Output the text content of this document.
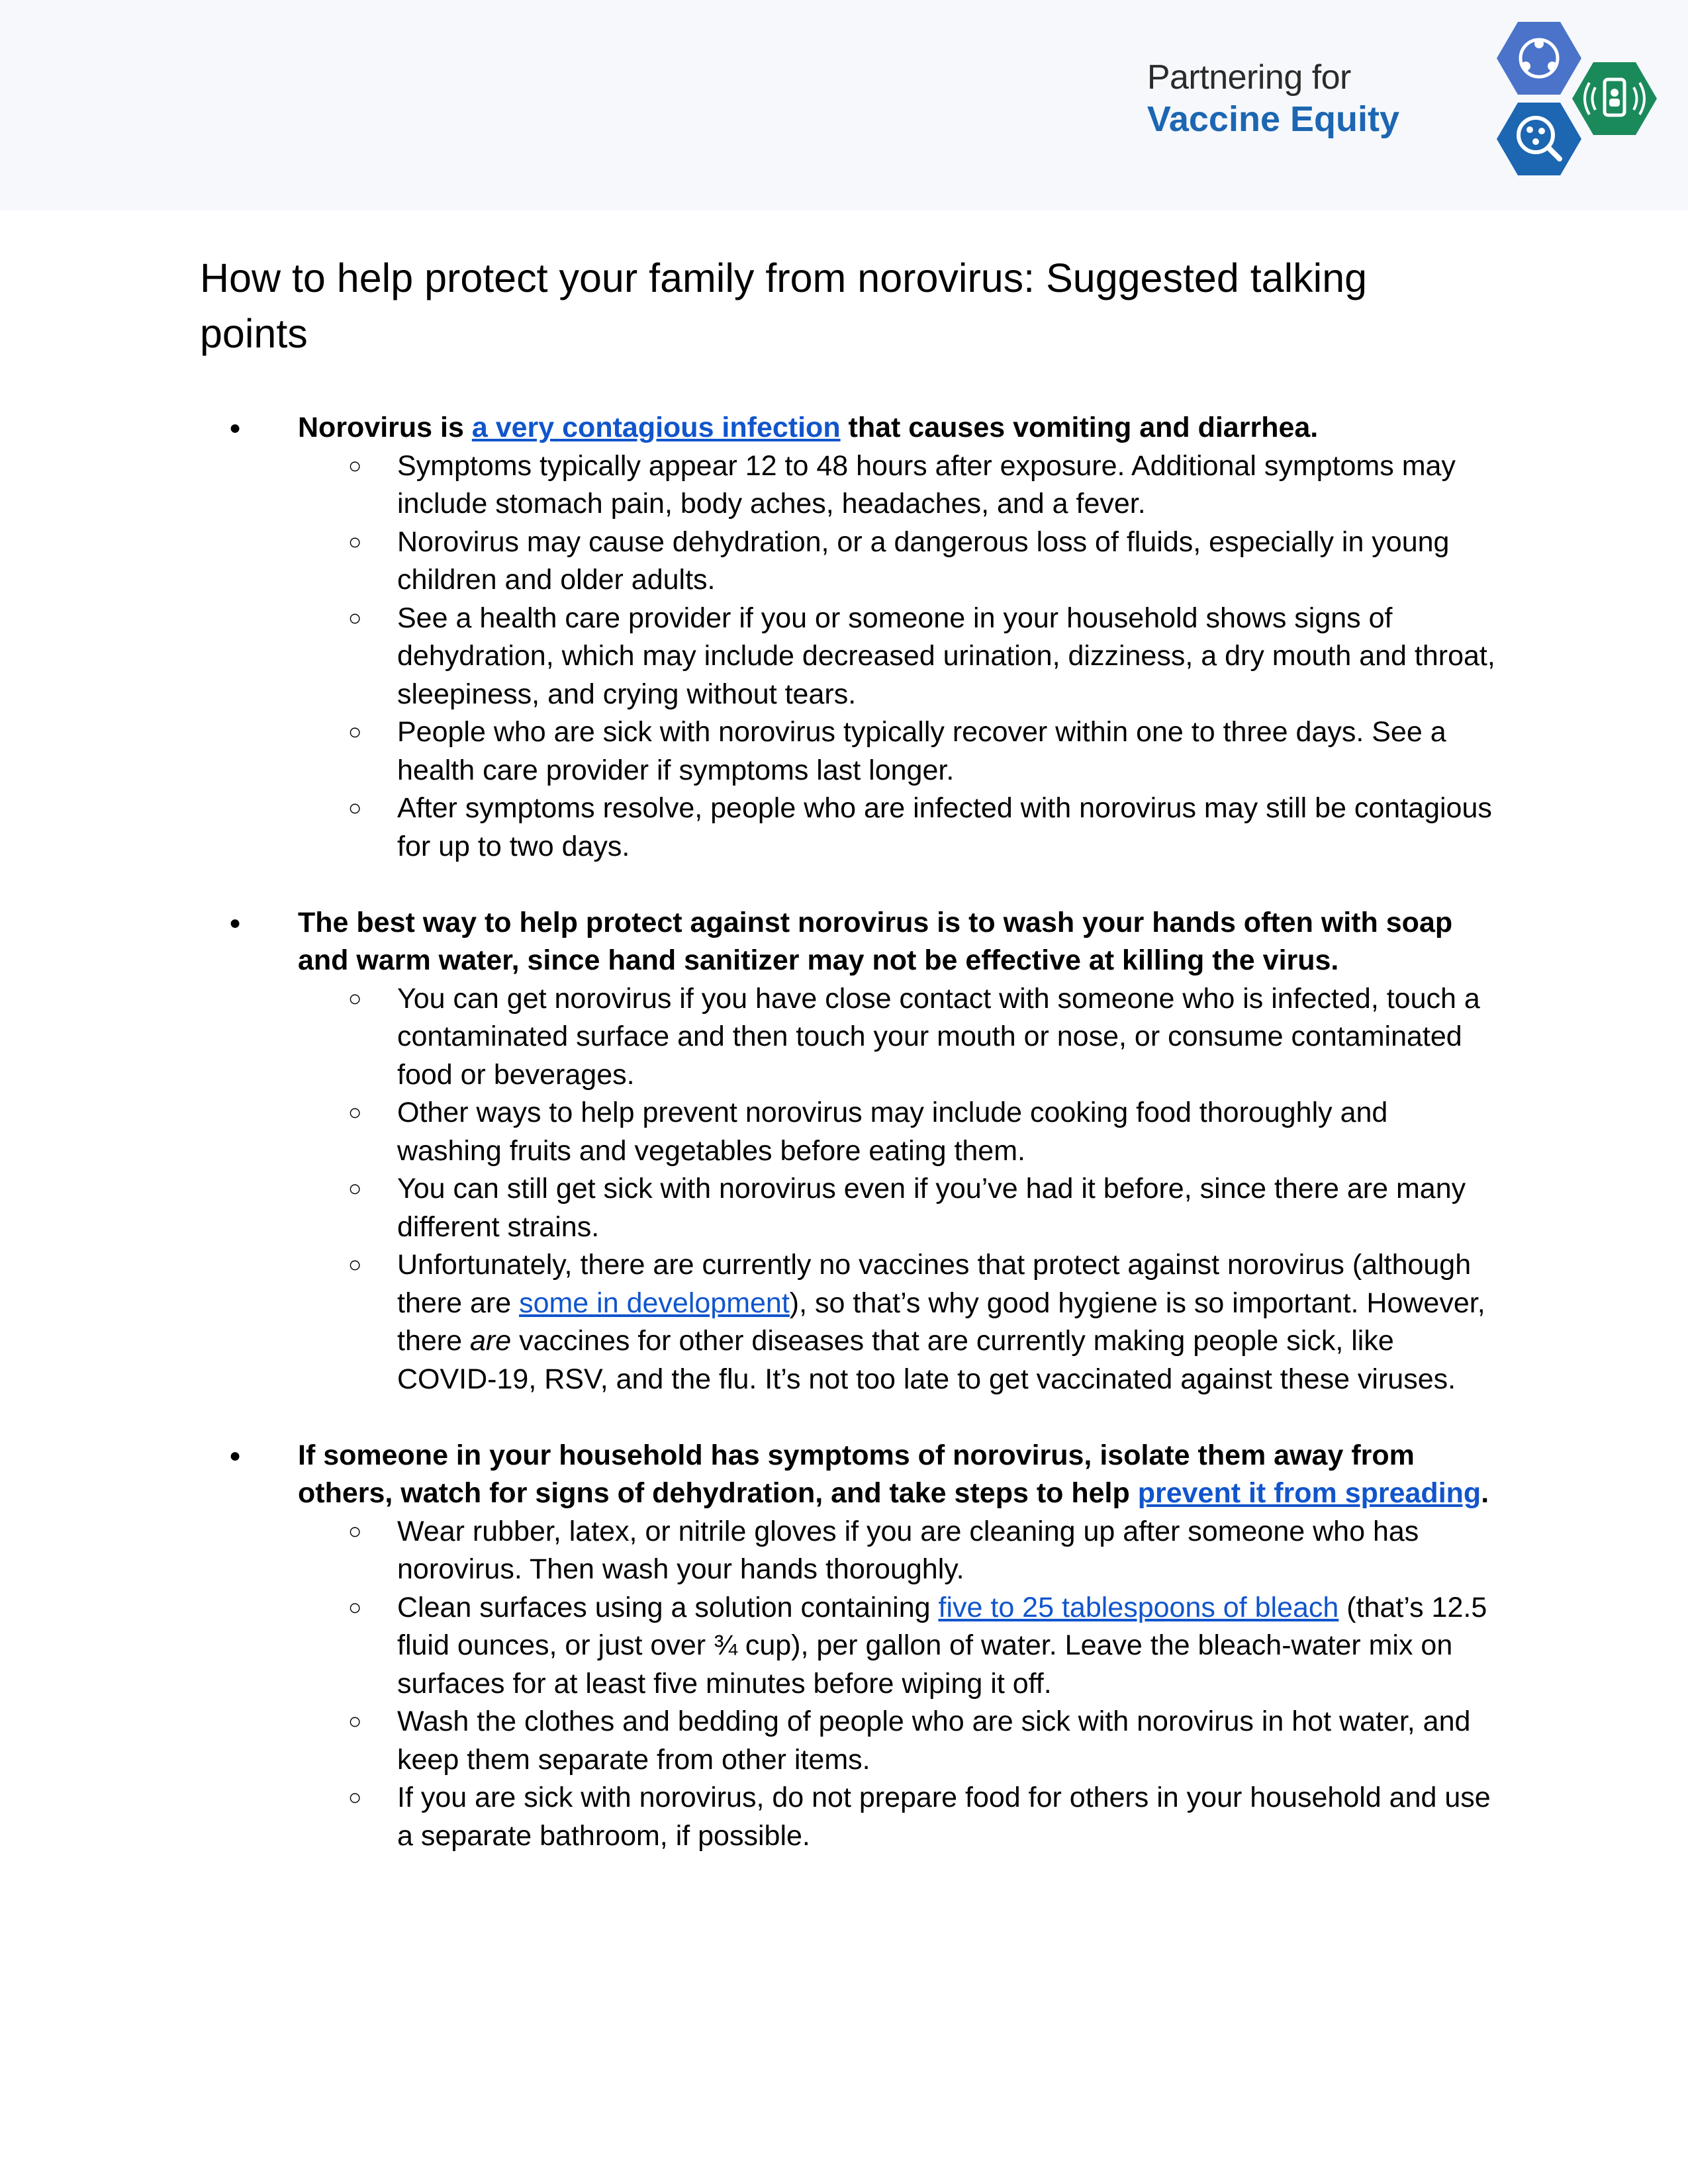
Partnering for
Vaccine Equity
How to help protect your family from norovirus: Suggested talking points
● Norovirus is a very contagious infection that causes vomiting and diarrhea.
○ Symptoms typically appear 12 to 48 hours after exposure. Additional symptoms may include stomach pain, body aches, headaches, and a fever.
○ Norovirus may cause dehydration, or a dangerous loss of fluids, especially in young children and older adults.
○ See a health care provider if you or someone in your household shows signs of dehydration, which may include decreased urination, dizziness, a dry mouth and throat, sleepiness, and crying without tears.
○ People who are sick with norovirus typically recover within one to three days. See a health care provider if symptoms last longer.
○ After symptoms resolve, people who are infected with norovirus may still be contagious for up to two days.
● The best way to help protect against norovirus is to wash your hands often with soap and warm water, since hand sanitizer may not be effective at killing the virus.
○ You can get norovirus if you have close contact with someone who is infected, touch a contaminated surface and then touch your mouth or nose, or consume contaminated food or beverages.
○ Other ways to help prevent norovirus may include cooking food thoroughly and washing fruits and vegetables before eating them.
○ You can still get sick with norovirus even if you’ve had it before, since there are many different strains.
○ Unfortunately, there are currently no vaccines that protect against norovirus (although there are some in development), so that’s why good hygiene is so important. However, there are vaccines for other diseases that are currently making people sick, like COVID-19, RSV, and the flu. It’s not too late to get vaccinated against these viruses.
● If someone in your household has symptoms of norovirus, isolate them away from others, watch for signs of dehydration, and take steps to help prevent it from spreading.
○ Wear rubber, latex, or nitrile gloves if you are cleaning up after someone who has norovirus. Then wash your hands thoroughly.
○ Clean surfaces using a solution containing five to 25 tablespoons of bleach (that’s 12.5 fluid ounces, or just over ¾ cup), per gallon of water. Leave the bleach-water mix on surfaces for at least five minutes before wiping it off.
○ Wash the clothes and bedding of people who are sick with norovirus in hot water, and keep them separate from other items.
○ If you are sick with norovirus, do not prepare food for others in your household and use a separate bathroom, if possible.
